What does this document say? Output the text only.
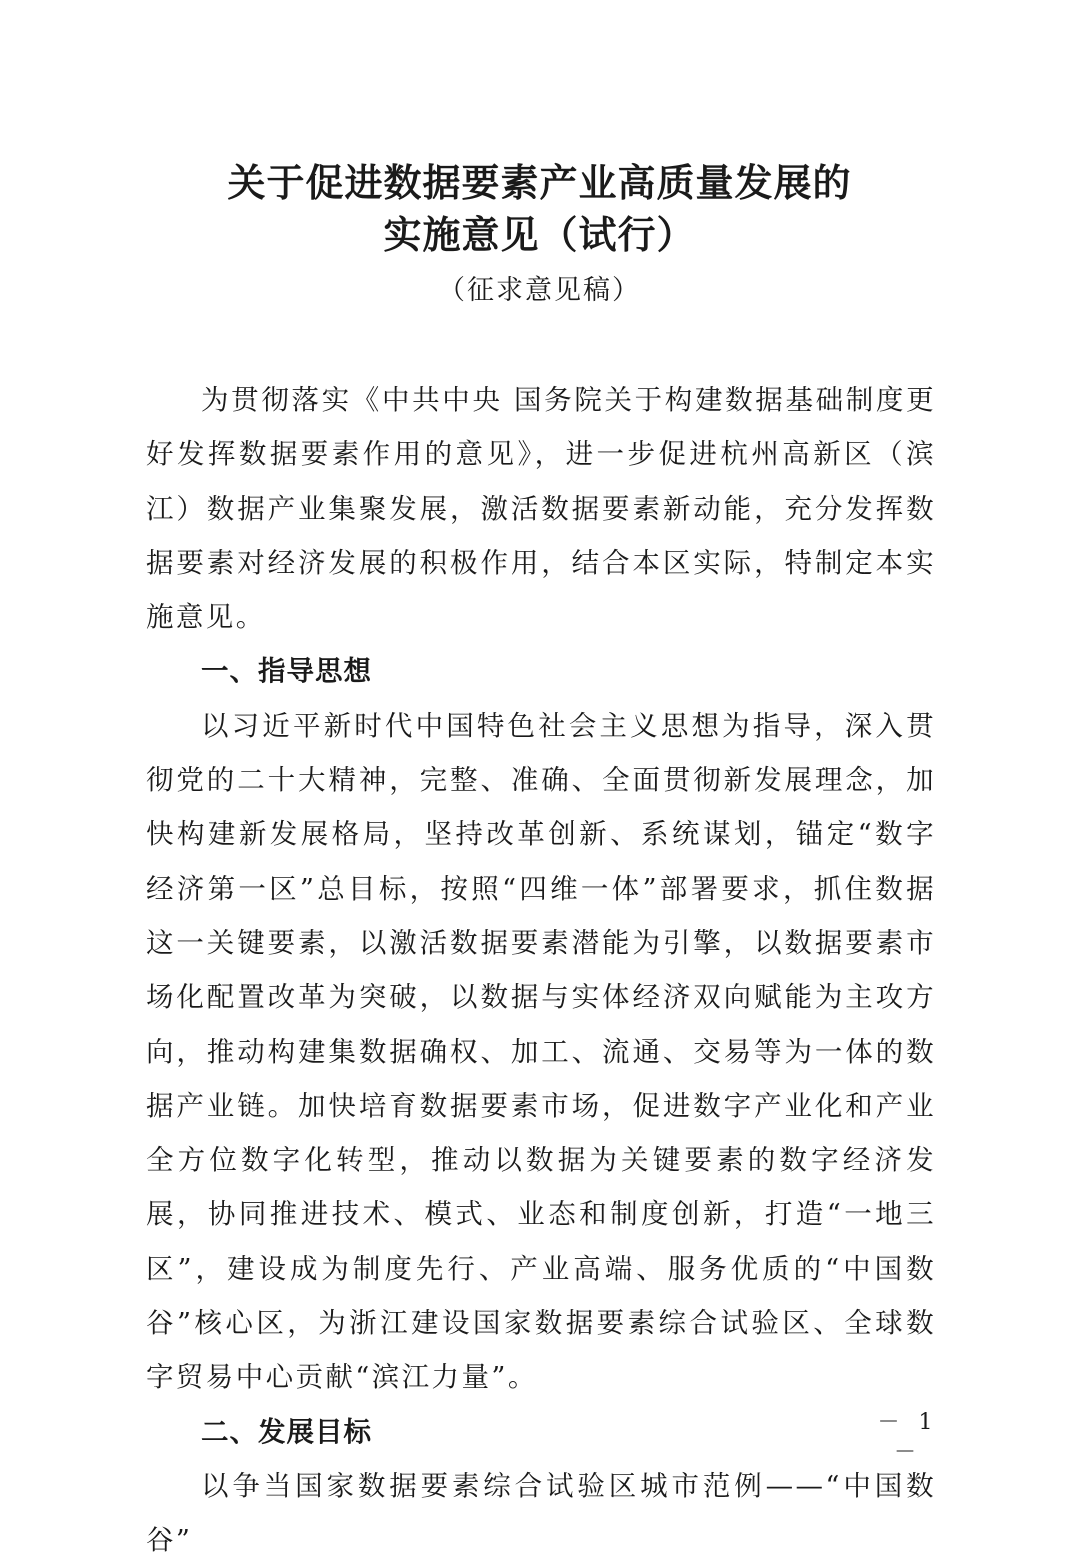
关于促进数据要素产业高质量发展的
实施意见（试行）
（征求意见稿）

为贯彻落实《中共中央 国务院关于构建数据基础制度更好发挥数据要素作用的意见》，进一步促进杭州高新区（滨江）数据产业集聚发展，激活数据要素新动能，充分发挥数据要素对经济发展的积极作用，结合本区实际，特制定本实施意见。

一、指导思想

以习近平新时代中国特色社会主义思想为指导，深入贯彻党的二十大精神，完整、准确、全面贯彻新发展理念，加快构建新发展格局，坚持改革创新、系统谋划，锚定“数字经济第一区”总目标，按照“四维一体”部署要求，抓住数据这一关键要素，以激活数据要素潜能为引擎，以数据要素市场化配置改革为突破，以数据与实体经济双向赋能为主攻方向，推动构建集数据确权、加工、流通、交易等为一体的数据产业链。加快培育数据要素市场，促进数字产业化和产业全方位数字化转型，推动以数据为关键要素的数字经济发展，协同推进技术、模式、业态和制度创新，打造“一地三区”，建设成为制度先行、产业高端、服务优质的“中国数谷”核心区，为浙江建设国家数据要素综合试验区、全球数字贸易中心贡献“滨江力量”。

二、发展目标

以争当国家数据要素综合试验区城市范例——“中国数谷”

－ 1 －
